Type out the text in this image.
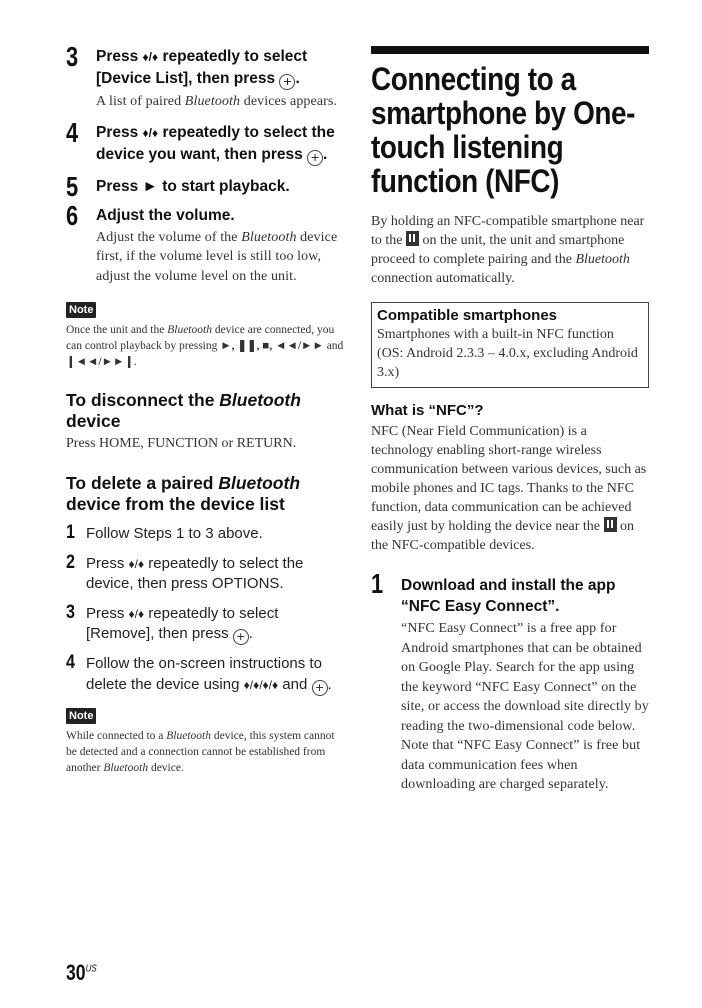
3 Press ♦/♦ repeatedly to select [Device List], then press + .
A list of paired Bluetooth devices appears.
4 Press ♦/♦ repeatedly to select the device you want, then press + .
5 Press ► to start playback.
6 Adjust the volume.
Adjust the volume of the Bluetooth device first, if the volume level is still too low, adjust the volume level on the unit.
Note
Once the unit and the Bluetooth device are connected, you can control playback by pressing ►, ❚❚, ■, ◄◄/►► and ❙◄◄/►►❙.
To disconnect the Bluetooth device
Press HOME, FUNCTION or RETURN.
To delete a paired Bluetooth device from the device list
1 Follow Steps 1 to 3 above.
2 Press ♦/♦ repeatedly to select the device, then press OPTIONS.
3 Press ♦/♦ repeatedly to select [Remove], then press + .
4 Follow the on-screen instructions to delete the device using ♦/♦/♦/♦ and + .
Note
While connected to a Bluetooth device, this system cannot be detected and a connection cannot be established from another Bluetooth device.
Connecting to a smartphone by One-touch listening function (NFC)
By holding an NFC-compatible smartphone near to the  on the unit, the unit and smartphone proceed to complete pairing and the Bluetooth connection automatically.
Compatible smartphones
Smartphones with a built-in NFC function (OS: Android 2.3.3 – 4.0.x, excluding Android 3.x)
What is “NFC”?
NFC (Near Field Communication) is a technology enabling short-range wireless communication between various devices, such as mobile phones and IC tags. Thanks to the NFC function, data communication can be achieved easily just by holding the device near the  on the NFC-compatible devices.
1 Download and install the app “NFC Easy Connect”.
“NFC Easy Connect” is a free app for Android smartphones that can be obtained on Google Play. Search for the app using the keyword “NFC Easy Connect” on the site, or access the download site directly by reading the two-dimensional code below.
Note that “NFC Easy Connect” is free but data communication fees when downloading are charged separately.
$30^{US}$
